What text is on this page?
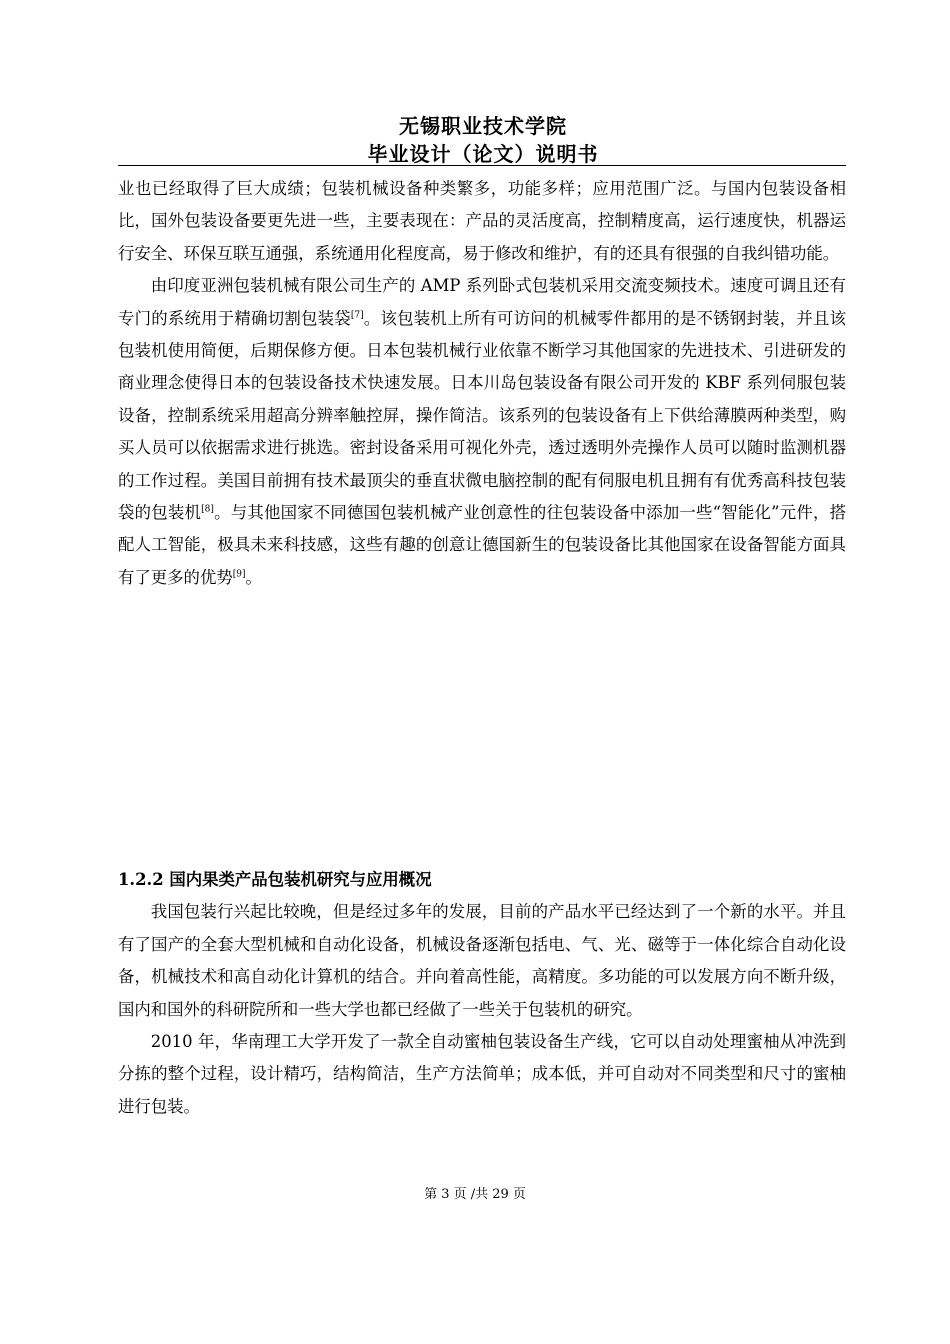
无锡职业技术学院
毕业设计（论文）说明书

业也已经取得了巨大成绩；包装机械设备种类繁多，功能多样；应用范围广泛。与国内包装设备相比，国外包装设备要更先进一些，主要表现在：产品的灵活度高，控制精度高，运行速度快，机器运行安全、环保互联互通强，系统通用化程度高，易于修改和维护，有的还具有很强的自我纠错功能。

由印度亚洲包装机械有限公司生产的 AMP 系列卧式包装机采用交流变频技术。速度可调且还有专门的系统用于精确切割包装袋[7]。该包装机上所有可访问的机械零件都用的是不锈钢封装，并且该包装机使用简便，后期保修方便。日本包装机械行业依靠不断学习其他国家的先进技术、引进研发的商业理念使得日本的包装设备技术快速发展。日本川岛包装设备有限公司开发的 KBF 系列伺服包装设备，控制系统采用超高分辨率触控屏，操作简洁。该系列的包装设备有上下供给薄膜两种类型，购买人员可以依据需求进行挑选。密封设备采用可视化外壳，透过透明外壳操作人员可以随时监测机器的工作过程。美国目前拥有技术最顶尖的垂直状微电脑控制的配有伺服电机且拥有有优秀高科技包装袋的包装机[8]。与其他国家不同德国包装机械产业创意性的往包装设备中添加一些“智能化”元件，搭配人工智能，极具未来科技感，这些有趣的创意让德国新生的包装设备比其他国家在设备智能方面具有了更多的优势[9]。

1.2.2 国内果类产品包装机研究与应用概况

我国包装行兴起比较晚，但是经过多年的发展，目前的产品水平已经达到了一个新的水平。并且有了国产的全套大型机械和自动化设备，机械设备逐渐包括电、气、光、磁等于一体化综合自动化设备，机械技术和高自动化计算机的结合。并向着高性能，高精度。多功能的可以发展方向不断升级，国内和国外的科研院所和一些大学也都已经做了一些关于包装机的研究。

2010 年，华南理工大学开发了一款全自动蜜柚包装设备生产线，它可以自动处理蜜柚从冲洗到分拣的整个过程，设计精巧，结构简洁，生产方法简单；成本低，并可自动对不同类型和尺寸的蜜柚进行包装。

第 3 页 /共 29 页
